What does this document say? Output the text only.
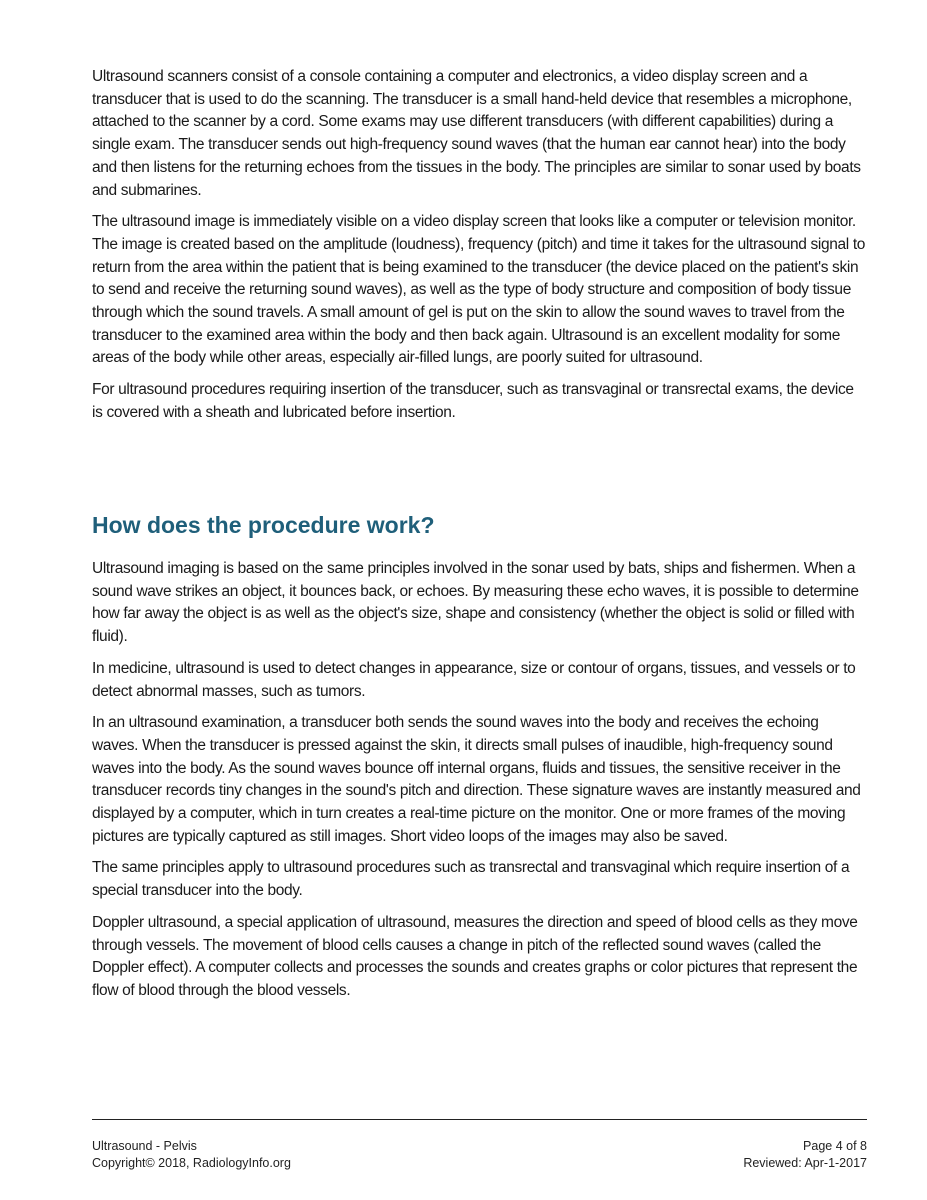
Ultrasound scanners consist of a console containing a computer and electronics, a video display screen and a transducer that is used to do the scanning. The transducer is a small hand-held device that resembles a microphone, attached to the scanner by a cord. Some exams may use different transducers (with different capabilities) during a single exam. The transducer sends out high-frequency sound waves (that the human ear cannot hear) into the body and then listens for the returning echoes from the tissues in the body. The principles are similar to sonar used by boats and submarines.

The ultrasound image is immediately visible on a video display screen that looks like a computer or television monitor. The image is created based on the amplitude (loudness), frequency (pitch) and time it takes for the ultrasound signal to return from the area within the patient that is being examined to the transducer (the device placed on the patient's skin to send and receive the returning sound waves), as well as the type of body structure and composition of body tissue through which the sound travels. A small amount of gel is put on the skin to allow the sound waves to travel from the transducer to the examined area within the body and then back again. Ultrasound is an excellent modality for some areas of the body while other areas, especially air-filled lungs, are poorly suited for ultrasound.

For ultrasound procedures requiring insertion of the transducer, such as transvaginal or transrectal exams, the device is covered with a sheath and lubricated before insertion.

How does the procedure work?

Ultrasound imaging is based on the same principles involved in the sonar used by bats, ships and fishermen. When a sound wave strikes an object, it bounces back, or echoes. By measuring these echo waves, it is possible to determine how far away the object is as well as the object's size, shape and consistency (whether the object is solid or filled with fluid).

In medicine, ultrasound is used to detect changes in appearance, size or contour of organs, tissues, and vessels or to detect abnormal masses, such as tumors.

In an ultrasound examination, a transducer both sends the sound waves into the body and receives the echoing waves. When the transducer is pressed against the skin, it directs small pulses of inaudible, high-frequency sound waves into the body. As the sound waves bounce off internal organs, fluids and tissues, the sensitive receiver in the transducer records tiny changes in the sound's pitch and direction. These signature waves are instantly measured and displayed by a computer, which in turn creates a real-time picture on the monitor. One or more frames of the moving pictures are typically captured as still images. Short video loops of the images may also be saved.

The same principles apply to ultrasound procedures such as transrectal and transvaginal which require insertion of a special transducer into the body.

Doppler ultrasound, a special application of ultrasound, measures the direction and speed of blood cells as they move through vessels. The movement of blood cells causes a change in pitch of the reflected sound waves (called the Doppler effect). A computer collects and processes the sounds and creates graphs or color pictures that represent the flow of blood through the blood vessels.

Ultrasound - Pelvis	Page 4 of 8
Copyright© 2018, RadiologyInfo.org	Reviewed: Apr-1-2017
